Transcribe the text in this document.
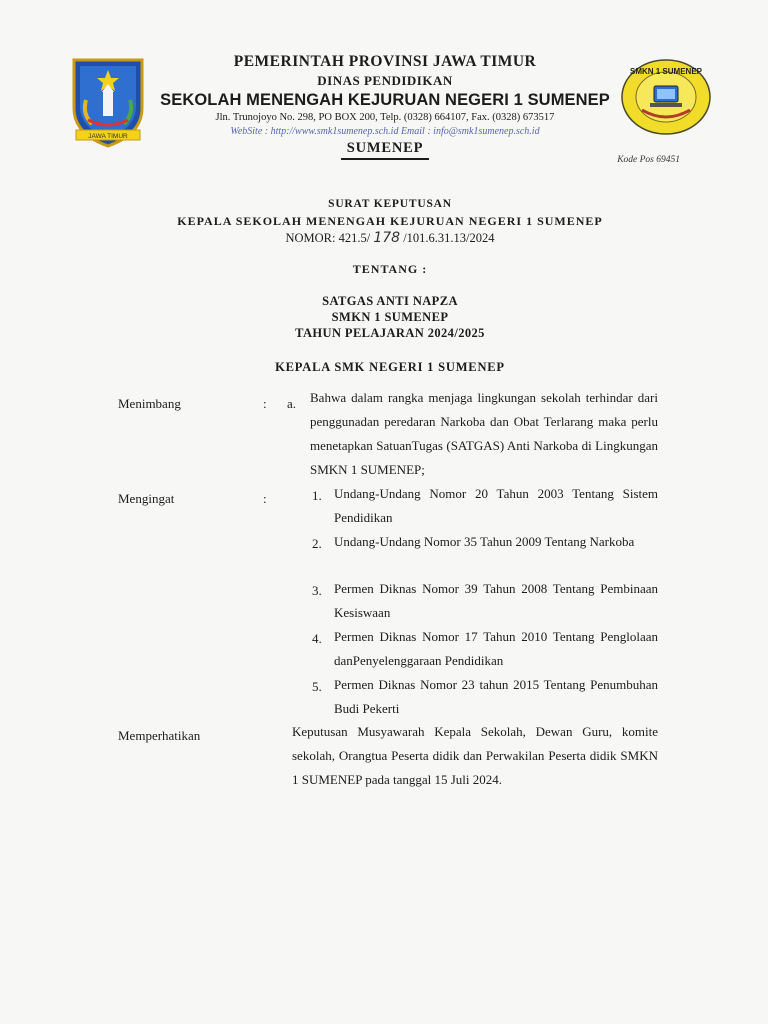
JAWA TIMUR
SMKN 1 SUMENEP
PEMERINTAH PROVINSI JAWA TIMUR
DINAS PENDIDIKAN
SEKOLAH MENENGAH KEJURUAN NEGERI 1 SUMENEP
Jln. Trunojoyo No. 298, PO BOX 200, Telp. (0328) 664107, Fax. (0328) 673517
WebSite : http://www.smk1sumenep.sch.id Email : info@smk1sumenep.sch.id
SUMENEP
Kode Pos 69451
SURAT KEPUTUSAN
KEPALA SEKOLAH MENENGAH KEJURUAN NEGERI 1 SUMENEP
NOMOR: 421.5/ 178 /101.6.31.13/2024
TENTANG :
SATGAS ANTI NAPZA
SMKN 1 SUMENEP
TAHUN PELAJARAN 2024/2025
KEPALA SMK NEGERI 1 SUMENEP
Menimbang	: a. Bahwa dalam rangka menjaga lingkungan sekolah terhindar dari penggunadan peredaran Narkoba dan Obat Terlarang maka perlu menetapkan SatuanTugas (SATGAS) Anti Narkoba di Lingkungan SMKN 1 SUMENEP;
Mengingat	:	1. Undang-Undang Nomor 20 Tahun 2003 Tentang Sistem Pendidikan
2. Undang-Undang Nomor 35 Tahun 2009 Tentang Narkoba
3. Permen Diknas Nomor 39 Tahun 2008 Tentang Pembinaan Kesiswaan
4. Permen Diknas Nomor 17 Tahun 2010 Tentang Penglolaan danPenyelenggaraan Pendidikan
5. Permen Diknas Nomor 23 tahun 2015 Tentang Penumbuhan Budi Pekerti
Memperhatikan	Keputusan Musyawarah Kepala Sekolah, Dewan Guru, komite sekolah, Orangtua Peserta didik dan Perwakilan Peserta didik SMKN 1 SUMENEP pada tanggal 15 Juli 2024.
